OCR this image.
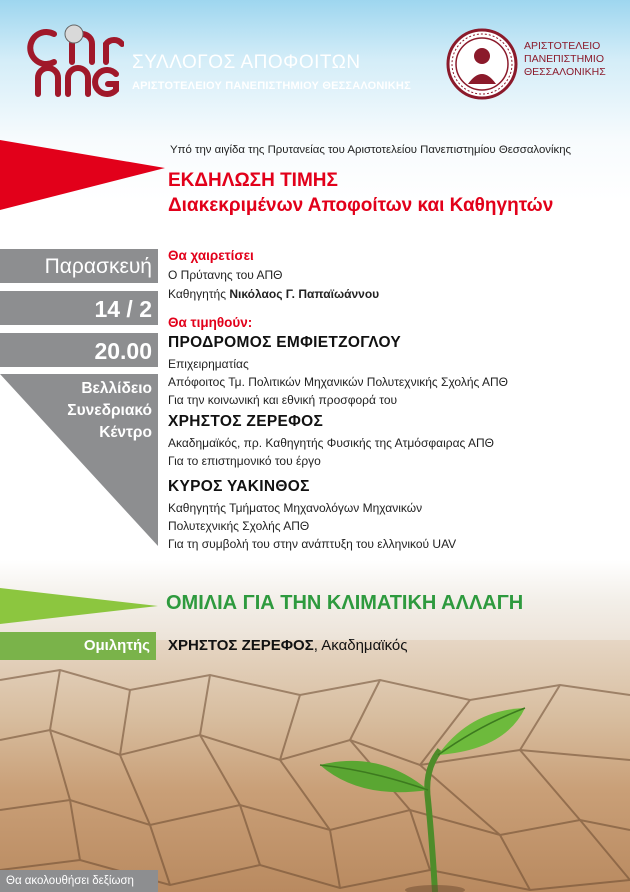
ΣΥΛΛΟΓΟΣ ΑΠΟΦΟΙΤΩΝ
ΑΡΙΣΤΟΤΕΛΕΙΟΥ ΠΑΝΕΠΙΣΤΗΜΙΟΥ ΘΕΣΣΑΛΟΝΙΚΗΣ
ΑΡΙΣΤΟΤΕΛΕΙΟ
ΠΑΝΕΠΙΣΤΗΜΙΟ
ΘΕΣΣΑΛΟΝΙΚΗΣ
Υπό την αιγίδα της Πρυτανείας του Αριστοτελείου Πανεπιστημίου Θεσσαλονίκης
ΕΚΔΗΛΩΣΗ ΤΙΜΗΣ
Διακεκριμένων Αποφοίτων και Καθηγητών
Παρασκευή
14 / 2
20.00
Βελλίδειο
Συνεδριακό
Κέντρο
Θα χαιρετίσει
Ο Πρύτανης του ΑΠΘ
Καθηγητής Νικόλαος Γ. Παπαϊωάννου
Θα τιμηθούν:
ΠΡΟΔΡΟΜΟΣ ΕΜΦΙΕΤΖΟΓΛΟΥ
Επιχειρηματίας
Απόφοιτος Τμ. Πολιτικών Μηχανικών Πολυτεχνικής Σχολής ΑΠΘ
Για την κοινωνική και εθνική προσφορά του
ΧΡΗΣΤΟΣ ΖΕΡΕΦΟΣ
Ακαδημαϊκός, πρ. Καθηγητής Φυσικής της Ατμόσφαιρας ΑΠΘ
Για το επιστημονικό του έργο
ΚΥΡΟΣ ΥΑΚΙΝΘΟΣ
Καθηγητής Τμήματος Μηχανολόγων Μηχανικών
Πολυτεχνικής Σχολής ΑΠΘ
Για τη συμβολή του στην ανάπτυξη του ελληνικού UAV
ΟΜΙΛΙΑ ΓΙΑ ΤΗΝ ΚΛΙΜΑΤΙΚΗ ΑΛΛΑΓΗ
Ομιλητής	ΧΡΗΣΤΟΣ ΖΕΡΕΦΟΣ, Ακαδημαϊκός
Θα ακολουθήσει δεξίωση
